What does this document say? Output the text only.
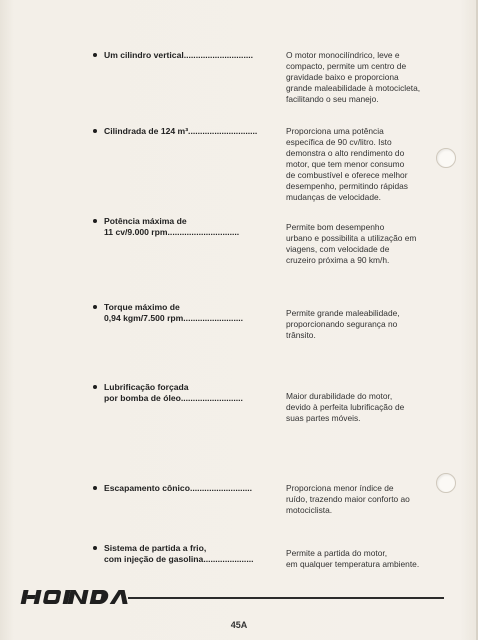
Um cilindro vertical.............................	O motor monocilíndrico, leve e
compacto, permite um centro de
gravidade baixo e proporciona
grande maleabilidade à motocicleta,
facilitando o seu manejo.
Cilindrada de 124 m³.............................	Proporciona uma potência
específica de 90 cv/litro. Isto
demonstra o alto rendimento do
motor, que tem menor consumo
de combustível e oferece melhor
desempenho, permitindo rápidas
mudanças de velocidade.
Potência máxima de
11 cv/9.000 rpm..............................	Permite bom desempenho
urbano e possibilita a utilização em
viagens, com velocidade de
cruzeiro próxima a 90 km/h.
Torque máximo de
0,94 kgm/7.500 rpm.........................	Permite grande maleabilidade,
proporcionando segurança no
trânsito.
Lubrificação forçada
por bomba de óleo..........................	Maior durabilidade do motor,
devido à perfeita lubrificação de
suas partes móveis.
Escapamento cônico..........................	Proporciona menor índice de
ruído, trazendo maior conforto ao
motociclista.
Sistema de partida a frio,
com injeção de gasolina.....................
Permite a partida do motor,
em qualquer temperatura ambiente.
45A
